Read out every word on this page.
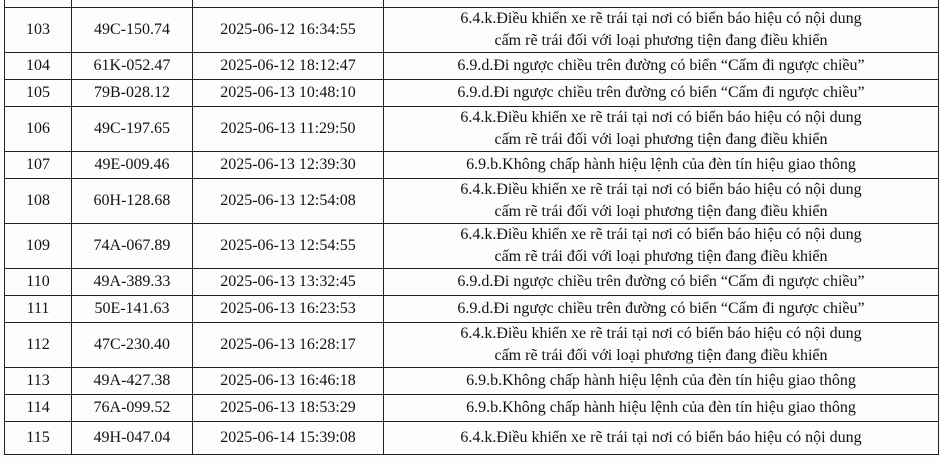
103	49C-150.74	2025-06-12 16:34:55	6.4.k.Điều khiển xe rẽ trái tại nơi có biển báo hiệu có nội dung
cấm rẽ trái đối với loại phương tiện đang điều khiển

104	61K-052.47	2025-06-12 18:12:47	6.9.d.Đi ngược chiều trên đường có biển “Cấm đi ngược chiều”

105	79B-028.12	2025-06-13 10:48:10	6.9.d.Đi ngược chiều trên đường có biển “Cấm đi ngược chiều”

106	49C-197.65	2025-06-13 11:29:50	6.4.k.Điều khiển xe rẽ trái tại nơi có biển báo hiệu có nội dung
cấm rẽ trái đối với loại phương tiện đang điều khiển

107	49E-009.46	2025-06-13 12:39:30	6.9.b.Không chấp hành hiệu lệnh của đèn tín hiệu giao thông

108	60H-128.68	2025-06-13 12:54:08	6.4.k.Điều khiển xe rẽ trái tại nơi có biển báo hiệu có nội dung
cấm rẽ trái đối với loại phương tiện đang điều khiển

109	74A-067.89	2025-06-13 12:54:55	6.4.k.Điều khiển xe rẽ trái tại nơi có biển báo hiệu có nội dung
cấm rẽ trái đối với loại phương tiện đang điều khiển

110	49A-389.33	2025-06-13 13:32:45	6.9.d.Đi ngược chiều trên đường có biển “Cấm đi ngược chiều”

111	50E-141.63	2025-06-13 16:23:53	6.9.d.Đi ngược chiều trên đường có biển “Cấm đi ngược chiều”

112	47C-230.40	2025-06-13 16:28:17	6.4.k.Điều khiển xe rẽ trái tại nơi có biển báo hiệu có nội dung
cấm rẽ trái đối với loại phương tiện đang điều khiển

113	49A-427.38	2025-06-13 16:46:18	6.9.b.Không chấp hành hiệu lệnh của đèn tín hiệu giao thông

114	76A-099.52	2025-06-13 18:53:29	6.9.b.Không chấp hành hiệu lệnh của đèn tín hiệu giao thông

115	49H-047.04	2025-06-14 15:39:08	6.4.k.Điều khiển xe rẽ trái tại nơi có biển báo hiệu có nội dung
